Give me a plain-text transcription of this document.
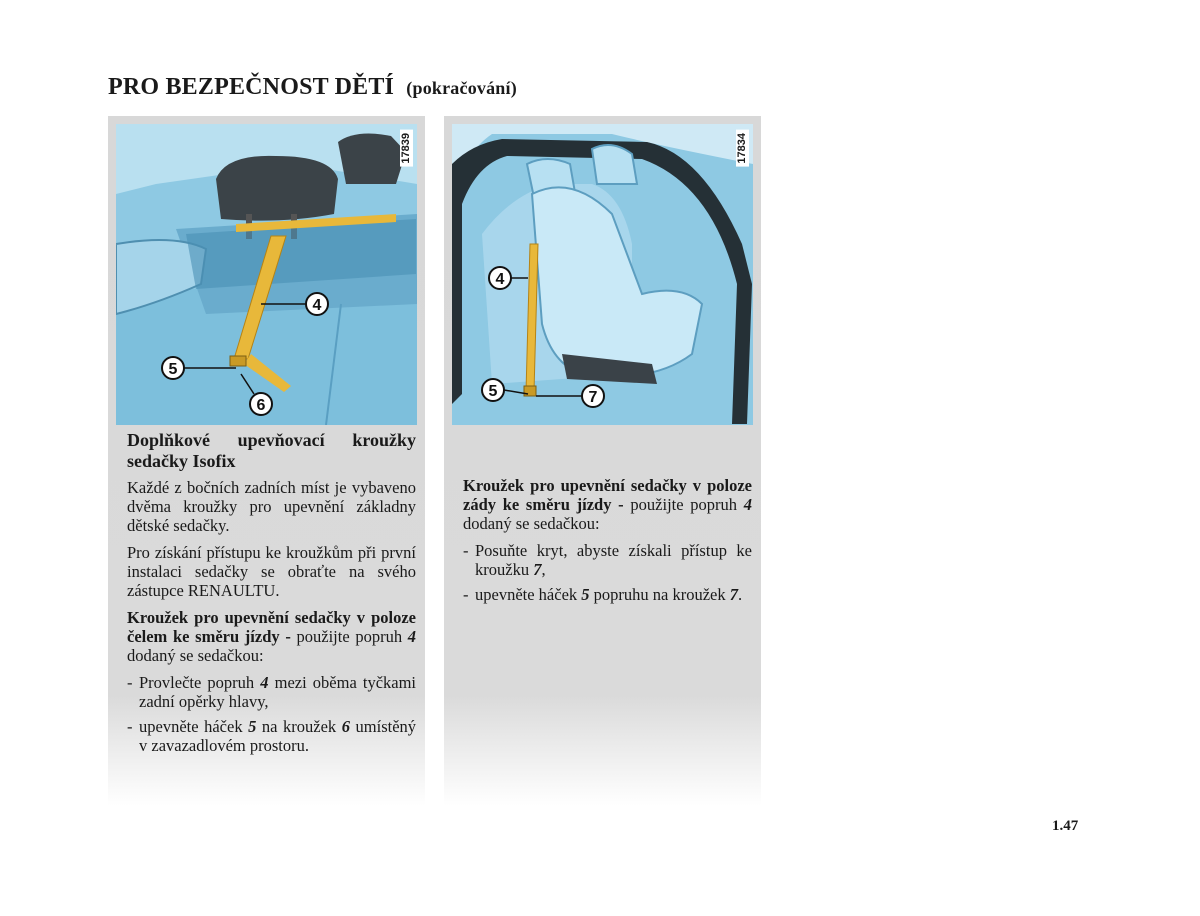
PRO BEZPEČNOST DĚTÍ (pokračování)
4
5
6
17839

Doplňkové upevňovací kroužky sedačky Isofix

Každé z bočních zadních míst je vybaveno dvěma kroužky pro upevnění základny dětské sedačky.

Pro získání přístupu ke kroužkům při první instalaci sedačky se obraťte na svého zástupce RENAULTU.

Kroužek pro upevnění sedačky v poloze čelem ke směru jízdy - použijte popruh 4 dodaný se sedačkou:

- Provlečte popruh 4 mezi oběma tyčkami zadní opěrky hlavy,
- upevněte háček 5 na kroužek 6 umístěný v zavazadlovém prostoru.
4
5	7
17834

Kroužek pro upevnění sedačky v poloze zády ke směru jízdy - použijte popruh 4 dodaný se sedačkou:

- Posuňte kryt, abyste získali přístup ke kroužku 7,
- upevněte háček 5 popruhu na kroužek 7.
1.47
